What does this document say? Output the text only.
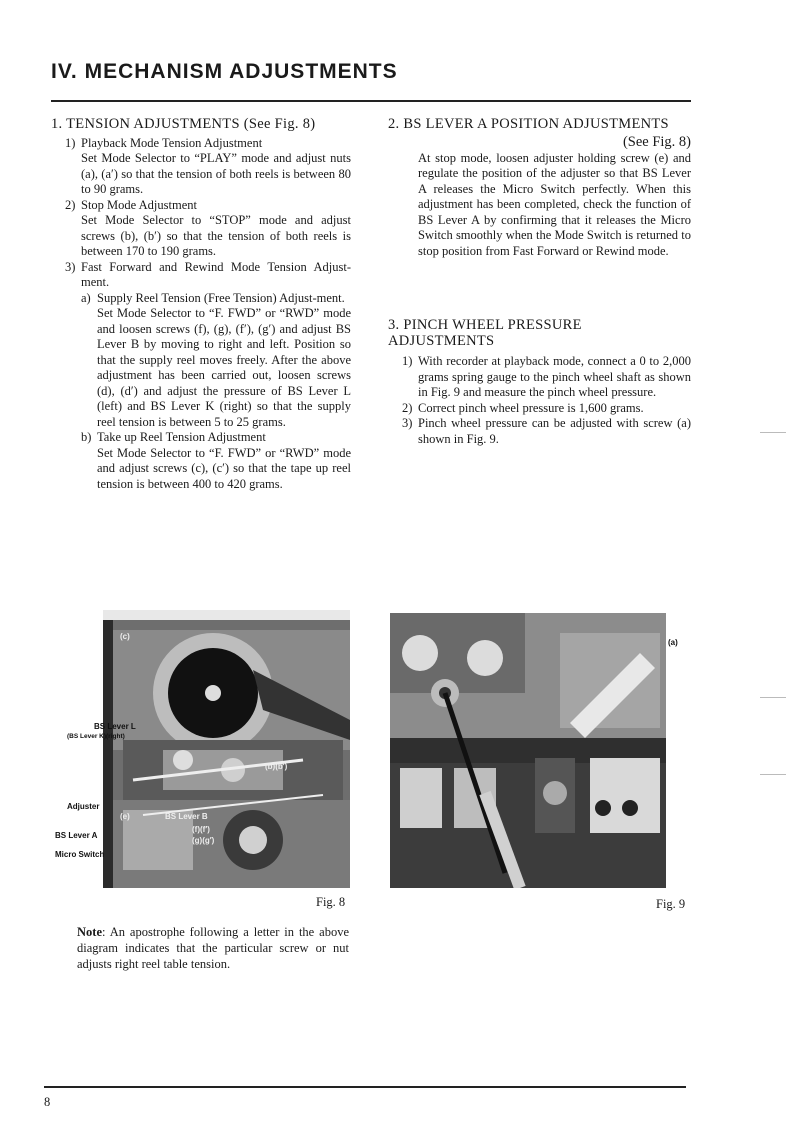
IV. MECHANISM ADJUSTMENTS
1. TENSION ADJUSTMENTS (See Fig. 8)
1) Playback Mode Tension Adjustment

Set Mode Selector to “PLAY” mode and adjust nuts (a), (a′) so that the tension of both reels is between 80 to 90 grams.

2) Stop Mode Adjustment

Set Mode Selector to “STOP” mode and adjust screws (b), (b′) so that the tension of both reels is between 170 to 190 grams.

3) Fast Forward and Rewind Mode Tension Adjust-ment.
a) Supply Reel Tension (Free Tension) Adjust-ment.

Set Mode Selector to “F. FWD” or “RWD” mode and loosen screws (f), (g), (f′), (g′) and adjust BS Lever B by moving to right and left. Position so that the supply reel moves freely. After the above adjustment has been carried out, loosen screws (d), (d′) and adjust the pressure of BS Lever L (left) and BS Lever K (right) so that the supply reel tension is between 5 to 25 grams.

b) Take up Reel Tension Adjustment

Set Mode Selector to “F. FWD” or “RWD” mode and adjust screws (c), (c′) so that the tape up reel tension is between 400 to 420 grams.

2. BS LEVER A POSITION ADJUSTMENTS
(See Fig. 8)

At stop mode, loosen adjuster holding screw (e) and regulate the position of the adjuster so that BS Lever A releases the Micro Switch perfectly. When this adjustment has been completed, check the function of BS Lever A by confirming that it releases the Micro Switch smoothly when the Mode Switch is returned to stop position from Fast Forward or Rewind mode.

3. PINCH WHEEL PRESSURE ADJUSTMENTS
1) With recorder at playback mode, connect a 0 to 2,000 grams spring gauge to the pinch wheel shaft as shown in Fig. 9 and measure the pinch wheel pressure.
2) Correct pinch wheel pressure is 1,600 grams.
3) Pinch wheel pressure can be adjusted with screw (a) shown in Fig. 9.
BS Lever L
(BS Lever K)(right)
Adjuster
BS Lever A
Micro Switch
BS Lever B
(b)(b′)
(f)(f′)
(g)(g′)
(c)
(e)
Fig. 8
(a)
Fig. 9
Note: An apostrophe following a letter in the above diagram indicates that the particular screw or nut adjusts right reel table tension.
8
